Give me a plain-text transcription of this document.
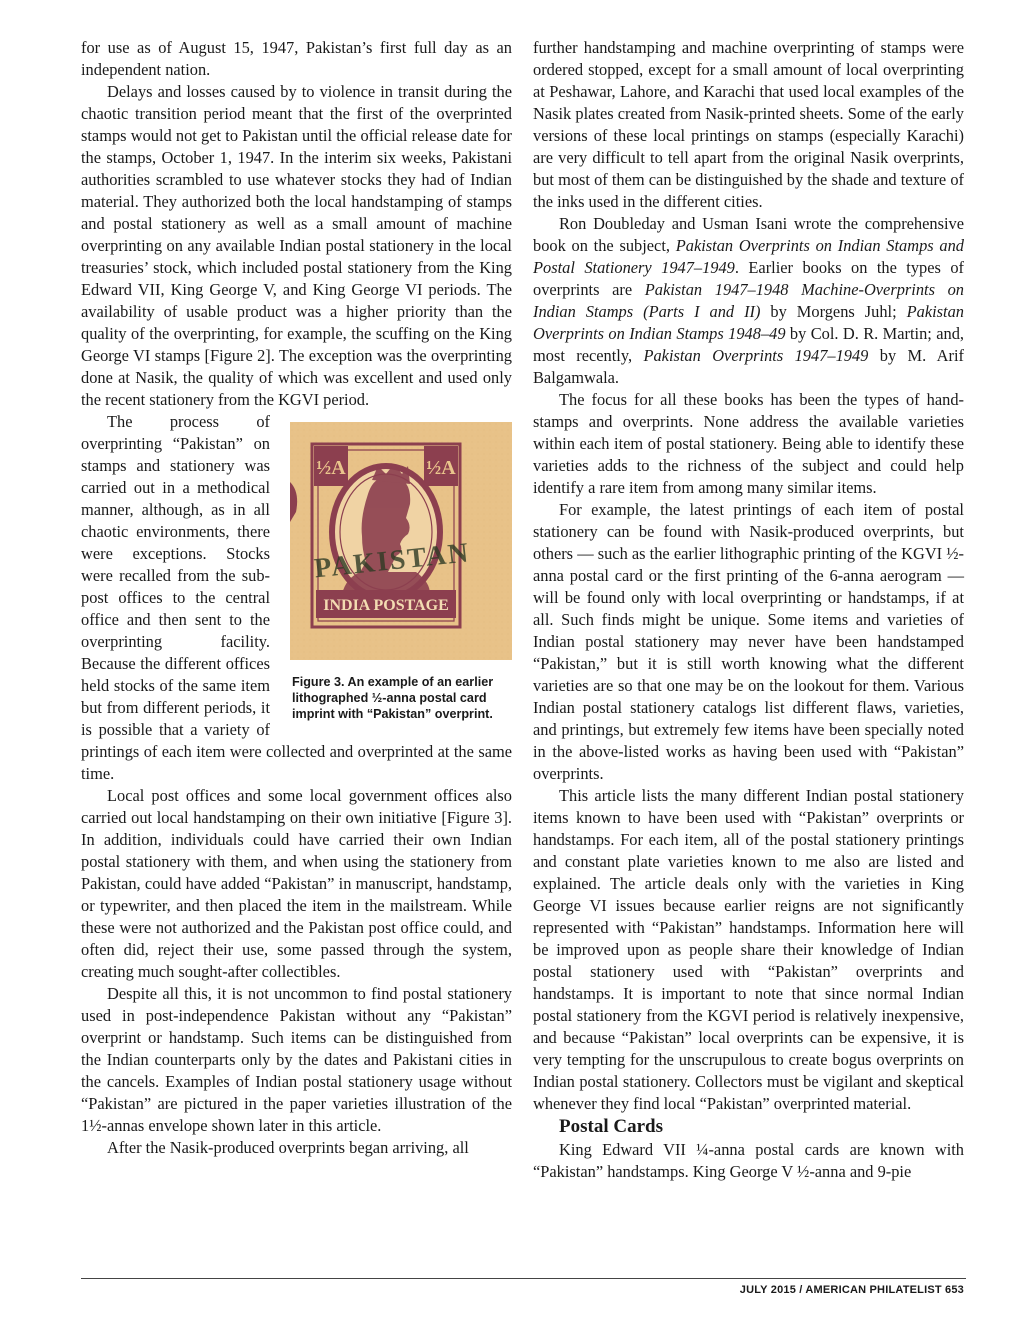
for use as of August 15, 1947, Pakistan’s first full day as an independent nation.

Delays and losses caused by to violence in transit during the chaotic transition period meant that the first of the overprinted stamps would not get to Pakistan until the official release date for the stamps, October 1, 1947. In the interim six weeks, Pakistani authorities scrambled to use whatever stocks they had of Indian material. They authorized both the local handstamping of stamps and postal stationery as well as a small amount of machine overprinting on any available Indian postal stationery in the local treasuries’ stock, which included postal stationery from the King Edward VII, King George V, and King George VI periods. The availability of usable product was a higher priority than the quality of the overprinting, for example, the scuffing on the King George VI stamps [Figure 2]. The exception was the overprinting done at Nasik, the quality of which was excellent and used only the recent stationery from the KGVI period.

½A	½A
INDIA POSTAGE
PAKISTAN
Figure 3. An example of an earlier lithographed ½-anna postal card imprint with “Pakistan” overprint.
The process of overprinting “Pakistan” on stamps and stationery was carried out in a methodical manner, although, as in all chaotic environments, there were exceptions. Stocks were recalled from the sub-post offices to the central office and then sent to the overprinting facility. Because the different offices held stocks of the same item but from different periods, it is possible that a variety of printings of each item were collected and overprinted at the same time.

Local post offices and some local government offices also carried out local handstamping on their own initiative [Figure 3]. In addition, individuals could have carried their own Indian postal stationery with them, and when using the stationery from Pakistan, could have added “Pakistan” in manuscript, handstamp, or typewriter, and then placed the item in the mailstream. While these were not authorized and the Pakistan post office could, and often did, reject their use, some passed through the system, creating much sought-after collectibles.

Despite all this, it is not uncommon to find postal stationery used in post-independence Pakistan without any “Pakistan” overprint or handstamp. Such items can be distinguished from the Indian counterparts only by the dates and Pakistani cities in the cancels. Examples of Indian postal stationery usage without “Pakistan” are pictured in the paper varieties illustration of the 1½-annas envelope shown later in this article.

After the Nasik-produced overprints began arriving, all

further handstamping and machine overprinting of stamps were ordered stopped, except for a small amount of local overprinting at Peshawar, Lahore, and Karachi that used local examples of the Nasik plates created from Nasik-printed sheets. Some of the early versions of these local printings on stamps (especially Karachi) are very difficult to tell apart from the original Nasik overprints, but most of them can be distinguished by the shade and texture of the inks used in the different cities.

Ron Doubleday and Usman Isani wrote the comprehensive book on the subject, Pakistan Overprints on Indian Stamps and Postal Stationery 1947–1949. Earlier books on the types of overprints are Pakistan 1947–1948 Machine-Overprints on Indian Stamps (Parts I and II) by Morgens Juhl; Pakistan Overprints on Indian Stamps 1948–49 by Col. D. R. Martin; and, most recently, Pakistan Overprints 1947–1949 by M. Arif Balgamwala.

The focus for all these books has been the types of handstamps and overprints. None address the available varieties within each item of postal stationery. Being able to identify these varieties adds to the richness of the subject and could help identify a rare item from among many similar items.

For example, the latest printings of each item of postal stationery can be found with Nasik-produced overprints, but others — such as the earlier lithographic printing of the KGVI ½-anna postal card or the first printing of the 6-anna aerogram — will be found only with local overprinting or handstamps, if at all. Such finds might be unique. Some items and varieties of Indian postal stationery may never have been handstamped “Pakistan,” but it is still worth knowing what the different varieties are so that one may be on the lookout for them. Various Indian postal stationery catalogs list different flaws, varieties, and printings, but extremely few items have been specially noted in the above-listed works as having been used with “Pakistan” overprints.

This article lists the many different Indian postal stationery items known to have been used with “Pakistan” overprints or handstamps. For each item, all of the postal stationery printings and constant plate varieties known to me also are listed and explained. The article deals only with the varieties in King George VI issues because earlier reigns are not significantly represented with “Pakistan” handstamps. Information here will be improved upon as people share their knowledge of Indian postal stationery used with “Pakistan” overprints and handstamps. It is important to note that since normal Indian postal stationery from the KGVI period is relatively inexpensive, and because “Pakistan” local overprints can be expensive, it is very tempting for the unscrupulous to create bogus overprints on Indian postal stationery. Collectors must be vigilant and skeptical whenever they find local “Pakistan” overprinted material.

Postal Cards

King Edward VII ¼-anna postal cards are known with “Pakistan” handstamps. King George V ½-anna and 9-pie

JULY 2015 / AMERICAN PHILATELIST 653
